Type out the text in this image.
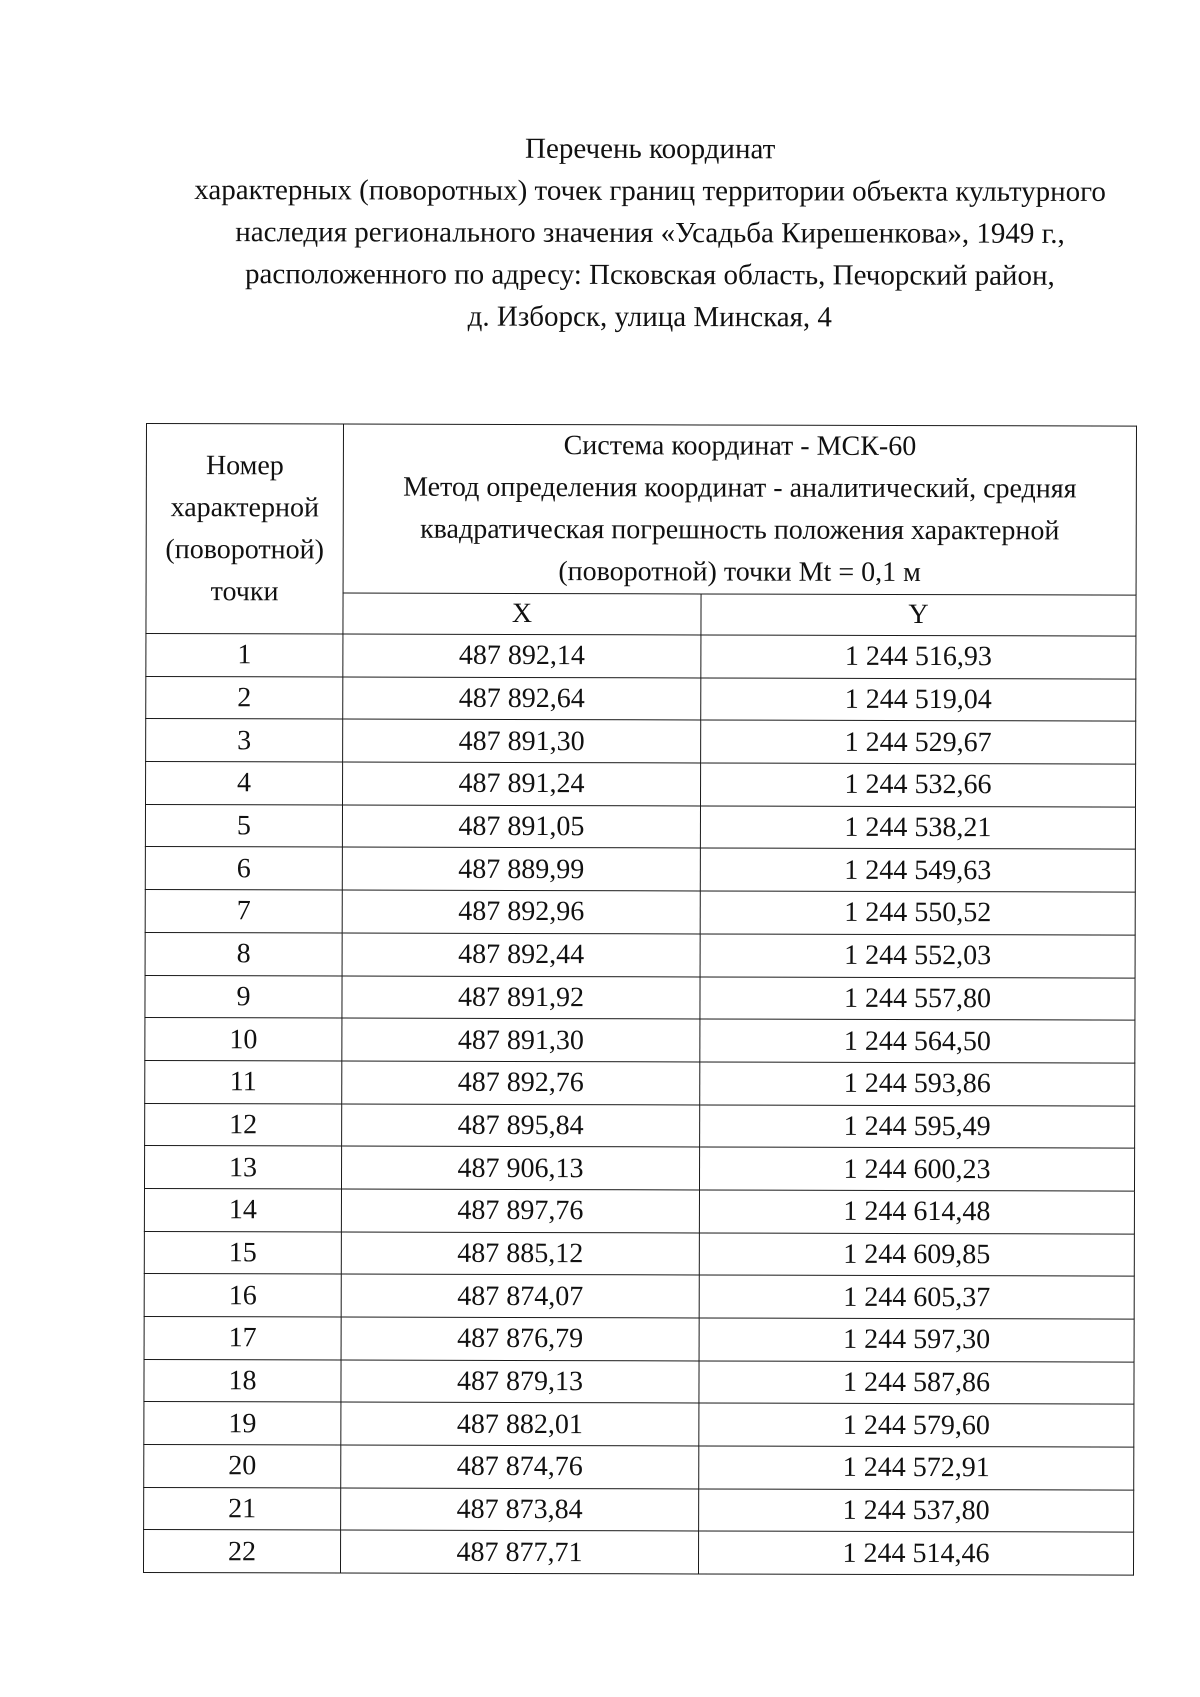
Перечень координат
характерных (поворотных) точек границ территории объекта культурного
наследия регионального значения «Усадьба Кирешенкова», 1949 г.,
расположенного по адресу: Псковская область, Печорский район,
д. Изборск, улица Минская, 4
Номер
характерной
(поворотной)
точки	Система координат - МСК-60
Метод определения координат - аналитический, средняя
квадратическая погрешность положения характерной
(поворотной) точки Mt = 0,1 м	

	X	Y
1	487 892,14	1 244 516,93
2	487 892,64	1 244 519,04
3	487 891,30	1 244 529,67
4	487 891,24	1 244 532,66
5	487 891,05	1 244 538,21
6	487 889,99	1 244 549,63
7	487 892,96	1 244 550,52
8	487 892,44	1 244 552,03
9	487 891,92	1 244 557,80
10	487 891,30	1 244 564,50
11	487 892,76	1 244 593,86
12	487 895,84	1 244 595,49
13	487 906,13	1 244 600,23
14	487 897,76	1 244 614,48
15	487 885,12	1 244 609,85
16	487 874,07	1 244 605,37
17	487 876,79	1 244 597,30
18	487 879,13	1 244 587,86
19	487 882,01	1 244 579,60
20	487 874,76	1 244 572,91
21	487 873,84	1 244 537,80
22	487 877,71	1 244 514,46
